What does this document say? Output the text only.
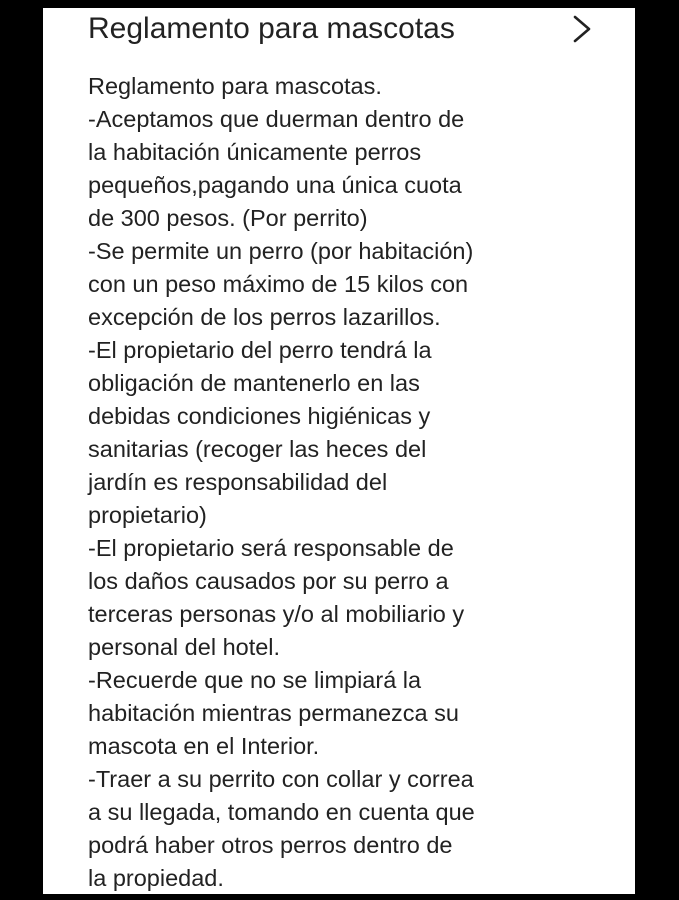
Reglamento para mascotas
Reglamento para mascotas.
-Aceptamos que duerman dentro de
la habitación únicamente perros
pequeños,pagando una única cuota
de 300 pesos. (Por perrito)
-Se permite un perro (por habitación)
con un peso máximo de 15 kilos con
excepción de los perros lazarillos.
-El propietario del perro tendrá la
obligación de mantenerlo en las
debidas condiciones higiénicas y
sanitarias (recoger las heces del
jardín es responsabilidad del
propietario)
-El propietario será responsable de
los daños causados por su perro a
terceras personas y/o al mobiliario y
personal del hotel.
-Recuerde que no se limpiará la
habitación mientras permanezca su
mascota en el Interior.
-Traer a su perrito con collar y correa
a su llegada, tomando en cuenta que
podrá haber otros perros dentro de
la propiedad.
